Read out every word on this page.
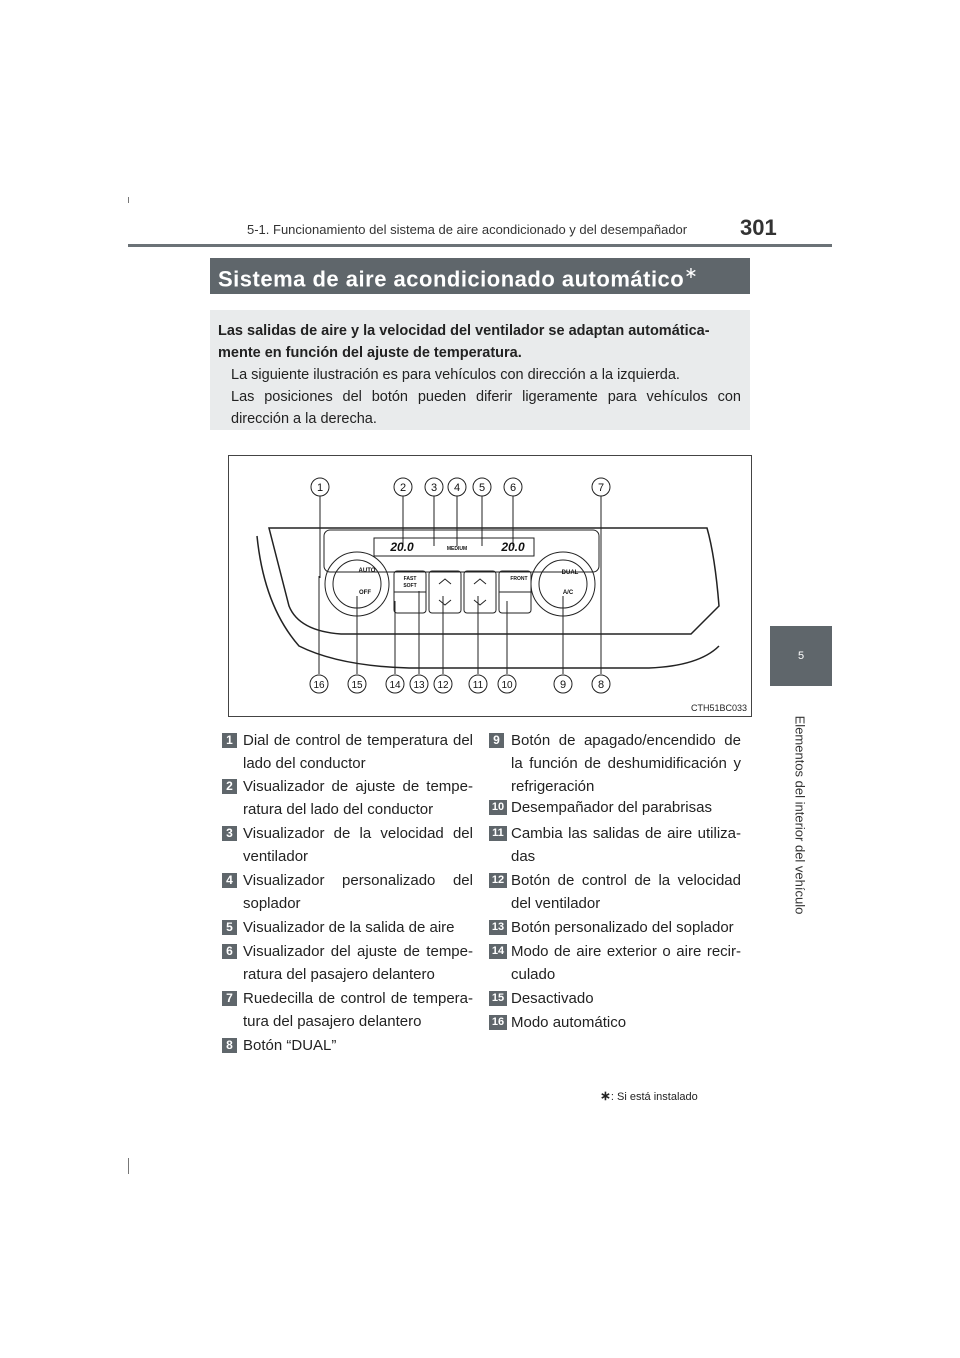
5-1. Funcionamiento del sistema de aire acondicionado y del desempañador 301
5
Elementos del interior del vehículo
Sistema de aire acondicionado automático∗
Las salidas de aire y la velocidad del ventilador se adaptan automática-mente en función del ajuste de temperatura.
La siguiente ilustración es para vehículos con dirección a la izquierda.
Las posiciones del botón pueden diferir ligeramente para vehículos con dirección a la derecha.
20.0	MEDIUM	20.0
AUTO
OFF
FAST
SOFT
FRONT
DUAL
A/C
1	2 3 4 5 6	7
16	15	14 13 12 11 10	9	8
CTH51BC033
1 Dial de control de temperatura del lado del conductor
2 Visualizador de ajuste de tempe-ratura del lado del conductor
3 Visualizador de la velocidad del ventilador
4 Visualizador personalizado del soplador
5 Visualizador de la salida de aire
6 Visualizador del ajuste de tempe-ratura del pasajero delantero
7 Ruedecilla de control de tempera-tura del pasajero delantero
8 Botón “DUAL”
9 Botón de apagado/encendido de la función de deshumidificación y refrigeración
10 Desempañador del parabrisas
11 Cambia las salidas de aire utiliza-das
12 Botón de control de la velocidad del ventilador
13 Botón personalizado del soplador
14 Modo de aire exterior o aire recir-culado
15 Desactivado
16 Modo automático
∗: Si está instalado
